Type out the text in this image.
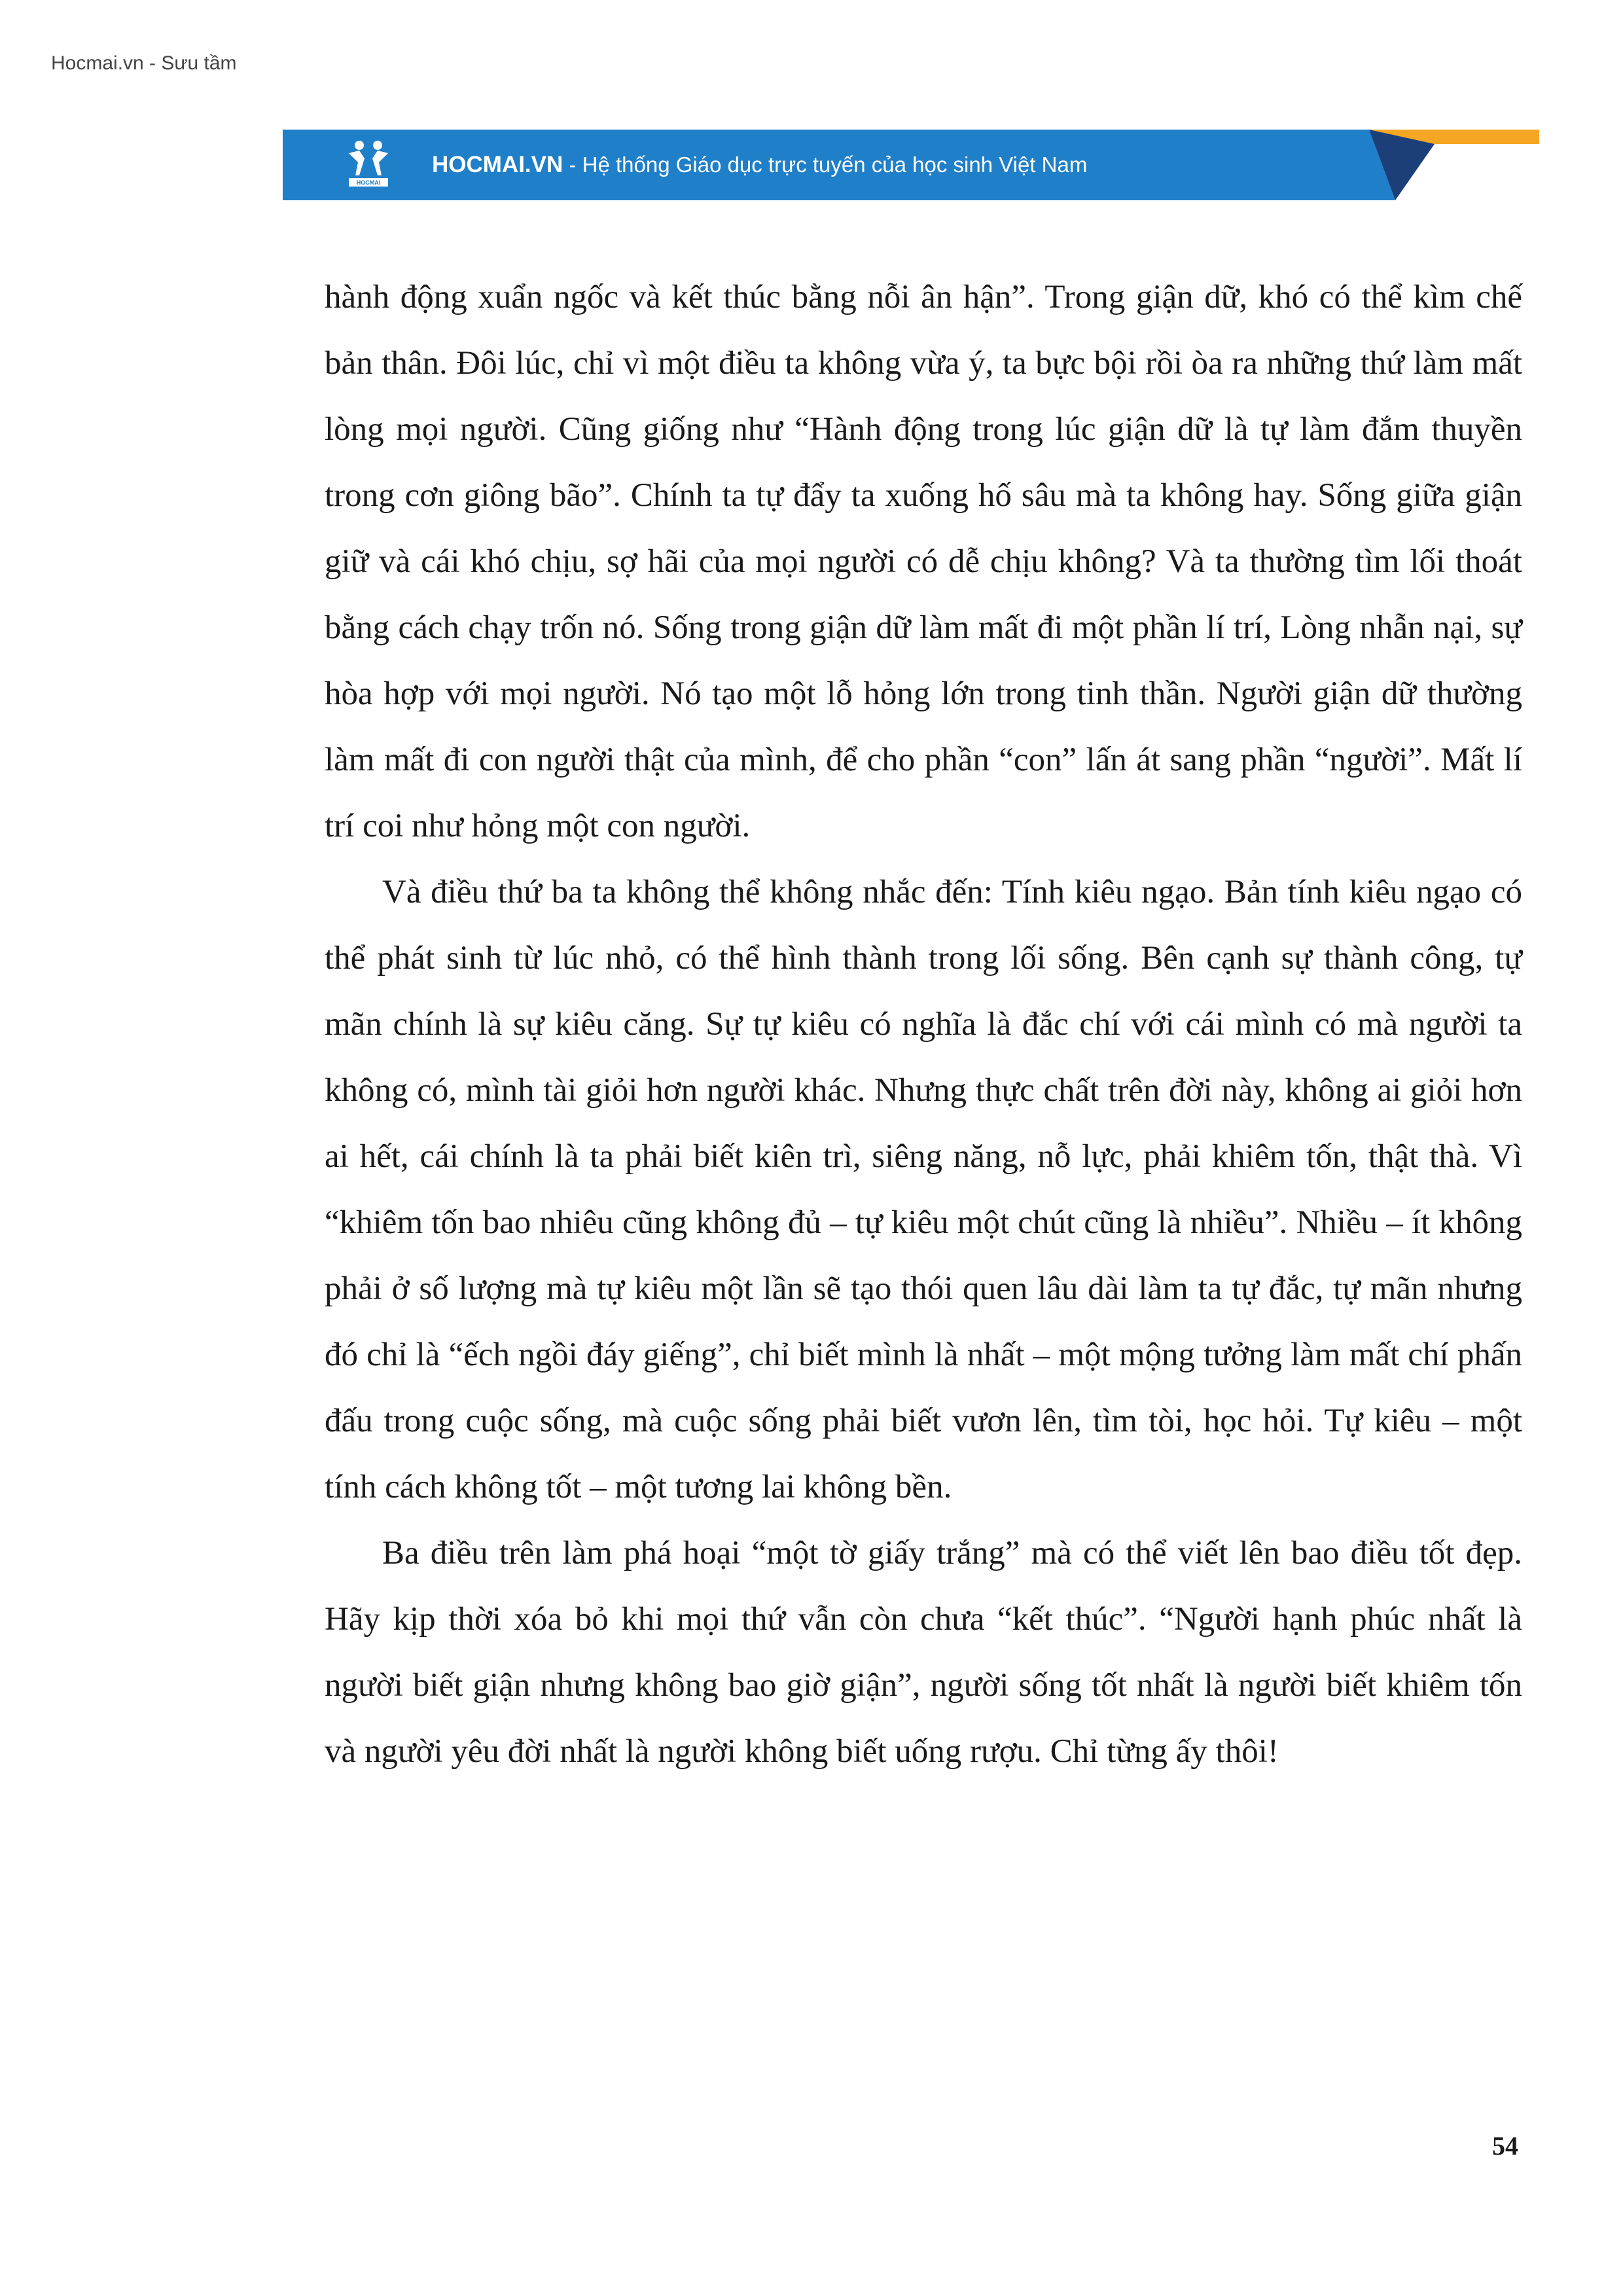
Hocmai.vn - Sưu tầm
HOCMAI
HOCMAI.VN - Hệ thống Giáo dục trực tuyến của học sinh Việt Nam

hành động xuẩn ngốc và kết thúc bằng nỗi ân hận”. Trong giận dữ, khó có thể kìm chế bản thân. Đôi lúc, chỉ vì một điều ta không vừa ý, ta bực bội rồi òa ra những thứ làm mất lòng mọi người. Cũng giống như “Hành động trong lúc giận dữ là tự làm đắm thuyền trong cơn giông bão”. Chính ta tự đẩy ta xuống hố sâu mà ta không hay. Sống giữa giận giữ và cái khó chịu, sợ hãi của mọi người có dễ chịu không? Và ta thường tìm lối thoát bằng cách chạy trốn nó. Sống trong giận dữ làm mất đi một phần lí trí, Lòng nhẫn nại, sự hòa hợp với mọi người. Nó tạo một lỗ hỏng lớn trong tinh thần. Người giận dữ thường làm mất đi con người thật của mình, để cho phần “con” lấn át sang phần “người”. Mất lí trí coi như hỏng một con người.

Và điều thứ ba ta không thể không nhắc đến: Tính kiêu ngạo. Bản tính kiêu ngạo có thể phát sinh từ lúc nhỏ, có thể hình thành trong lối sống. Bên cạnh sự thành công, tự mãn chính là sự kiêu căng. Sự tự kiêu có nghĩa là đắc chí với cái mình có mà người ta không có, mình tài giỏi hơn người khác. Nhưng thực chất trên đời này, không ai giỏi hơn ai hết, cái chính là ta phải biết kiên trì, siêng năng, nỗ lực, phải khiêm tốn, thật thà. Vì “khiêm tốn bao nhiêu cũng không đủ – tự kiêu một chút cũng là nhiều”. Nhiều – ít không phải ở số lượng mà tự kiêu một lần sẽ tạo thói quen lâu dài làm ta tự đắc, tự mãn nhưng đó chỉ là “ếch ngồi đáy giếng”, chỉ biết mình là nhất – một mộng tưởng làm mất chí phấn đấu trong cuộc sống, mà cuộc sống phải biết vươn lên, tìm tòi, học hỏi. Tự kiêu – một tính cách không tốt – một tương lai không bền.

Ba điều trên làm phá hoại “một tờ giấy trắng” mà có thể viết lên bao điều tốt đẹp. Hãy kịp thời xóa bỏ khi mọi thứ vẫn còn chưa “kết thúc”. “Người hạnh phúc nhất là người biết giận nhưng không bao giờ giận”, người sống tốt nhất là người biết khiêm tốn và người yêu đời nhất là người không biết uống rượu. Chỉ từng ấy thôi!

54
